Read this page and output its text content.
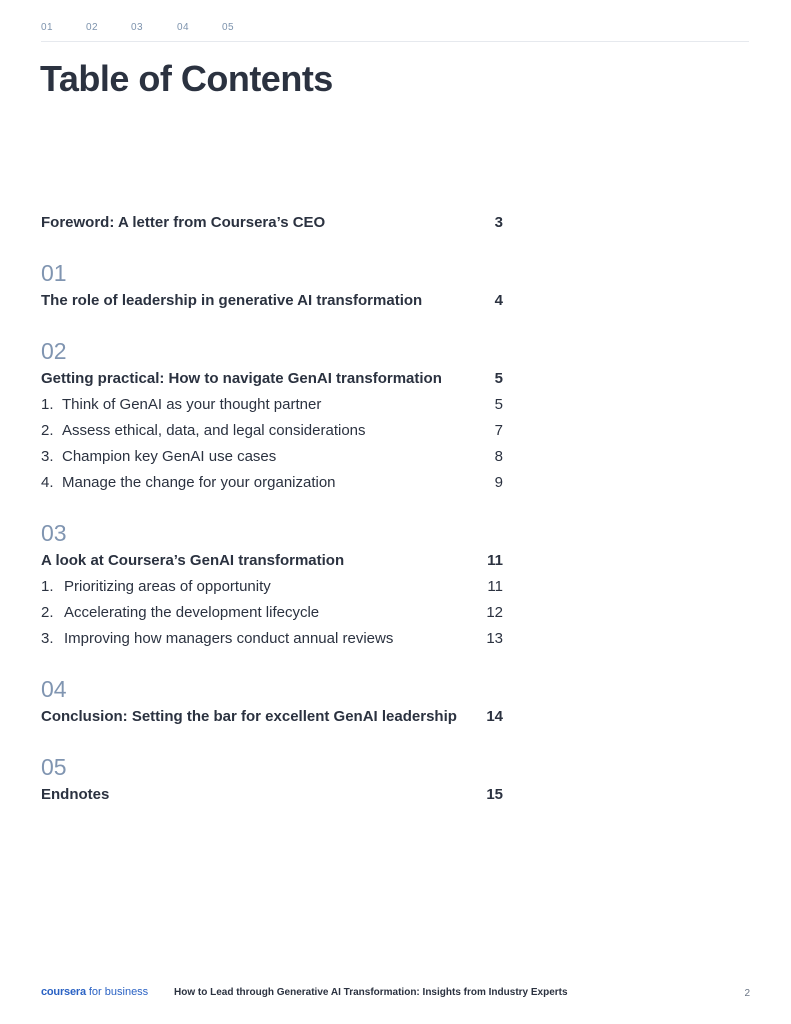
01	02	03	04	05
Table of Contents
Foreword: A letter from Coursera’s CEO	3
01
The role of leadership in generative AI transformation	4
02
Getting practical: How to navigate GenAI transformation	5
1. Think of GenAI as your thought partner	5
2. Assess ethical, data, and legal considerations	7
3. Champion key GenAI use cases	8
4. Manage the change for your organization	9
03
A look at Coursera’s GenAI transformation	11
1. Prioritizing areas of opportunity	11
2. Accelerating the development lifecycle	12
3. Improving how managers conduct annual reviews	13
04
Conclusion: Setting the bar for excellent GenAI leadership 14
05
Endnotes	15
coursera for business	How to Lead through Generative AI Transformation: Insights from Industry Experts	2
